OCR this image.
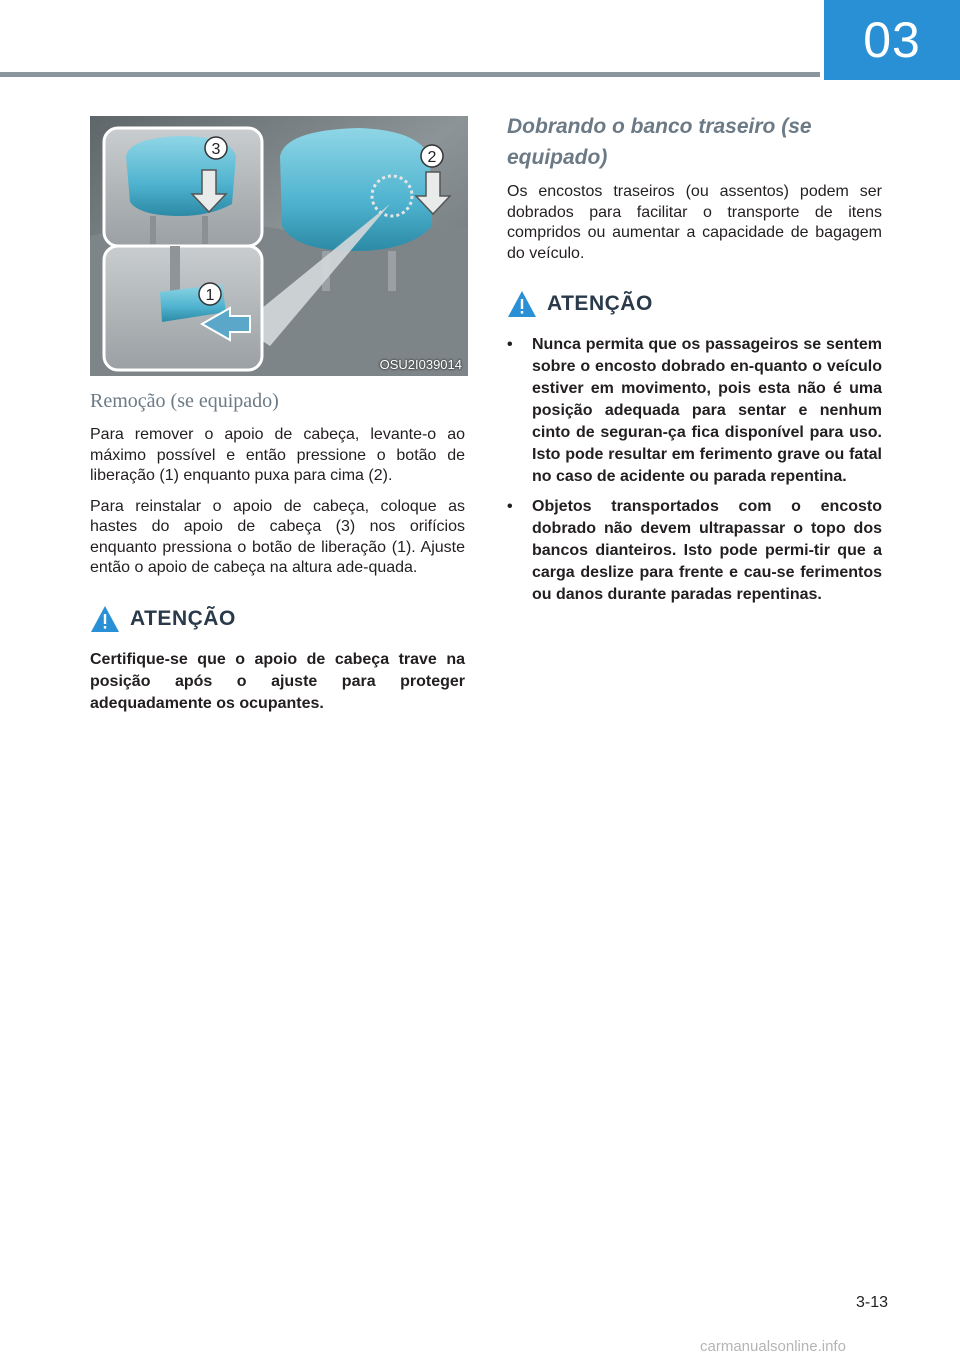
03
3	2
1
OSU2I039014
Remoção (se equipado)

Para remover o apoio de cabeça, levante-o ao máximo possível e então pressione o botão de liberação (1) enquanto puxa para cima (2).

Para reinstalar o apoio de cabeça, coloque as hastes do apoio de cabeça (3) nos orifícios enquanto pressiona o botão de liberação (1). Ajuste então o apoio de cabeça na altura ade-quada.

ATENÇÃO

Certifique-se que o apoio de cabeça trave na posição após o ajuste para proteger adequadamente os ocupantes.

Dobrando o banco traseiro (se equipado)

Os encostos traseiros (ou assentos) podem ser dobrados para facilitar o transporte de itens compridos ou aumentar a capacidade de bagagem do veículo.

ATENÇÃO
• Nunca permita que os passageiros se sentem sobre o encosto dobrado en-quanto o veículo estiver em movimento, pois esta não é uma posição adequada para sentar e nenhum cinto de seguran-ça fica disponível para uso. Isto pode resultar em ferimento grave ou fatal no caso de acidente ou parada repentina.
• Objetos transportados com o encosto dobrado não devem ultrapassar o topo dos bancos dianteiros. Isto pode permi-tir que a carga deslize para frente e cau-se ferimentos ou danos durante paradas repentinas.
3-13
carmanualsonline.info
